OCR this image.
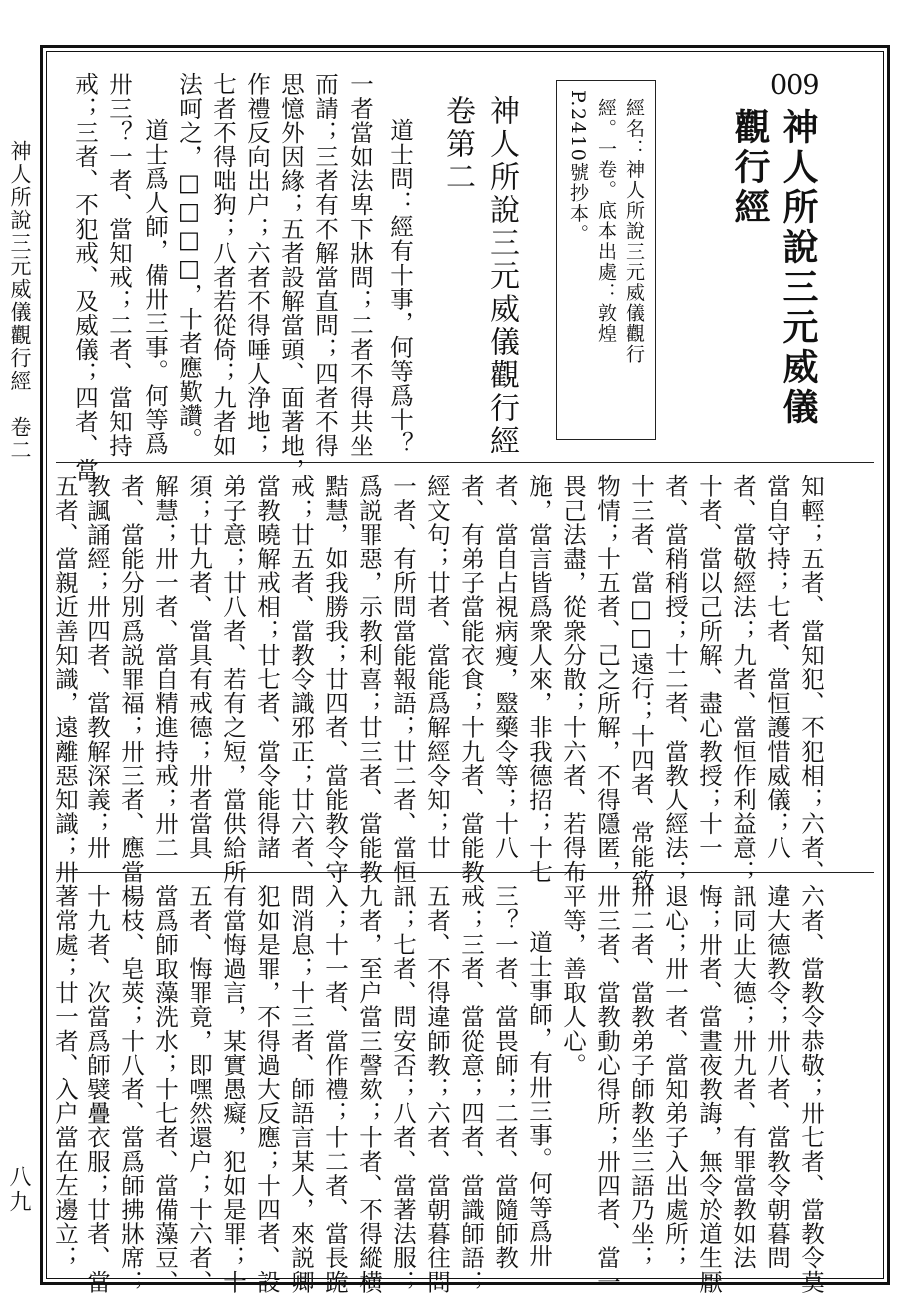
神人所說三元威儀觀行經　卷二
八九
009
神人所說三元威儀
觀行經
經名：神人所說三元威儀觀行
經。一卷。底本出處：敦煌
P.2410號抄本。
神人所說三元威儀觀行經
卷第二
道士問：經有十事，何等爲十？
一者當如法卑下牀問；二者不得共坐
而請；三者有不解當直問；四者不得
思憶外因緣；五者設解當頭、面著地，
作禮反向出户；六者不得唾人浄地；
七者不得咄狗；八者若從倚；九者如
法呵之，□□□□，十者應歎讚。
道士爲人師，備卅三事。何等爲
卅三？一者、當知戒；二者、當知持
戒；三者、不犯戒、及威儀；四者、當
知輕；五者、當知犯、不犯相；六者、
當自守持；七者、當恒護惜威儀；八
者、當敬經法；九者、當恒作利益意；
十者、當以己所解、盡心教授；十一
者、當稍稍授；十二者、當教人經法；
十三者、當□□遠行；十四者、常能致
物情；十五者、己之所解，不得隱匿，
畏己法盡，從衆分散；十六者、若得布
施，當言皆爲衆人來，非我德招；十七
者、當自占視病瘦，毉藥令等；十八
者、有弟子當能衣食；十九者、當能教
經文句；廿者、當能爲解經令知；廿
一者、有所問當能報語；廿二者、當恒
爲説罪惡，示教利喜；廿三者、當能教
黠慧，如我勝我；廿四者、當能教令守
戒；廿五者、當教令識邪正；廿六者、
當教曉解戒相；廿七者、當令能得諸
弟子意；廿八者、若有之短，當供給所
須；廿九者、當具有戒德；卅者當具
解慧；卅一者、當自精進持戒；卅二
者、當能分別爲説罪福；卅三者、應當
教諷誦經；卅四者、當教解深義；卅
五者、當親近善知識，遠離惡知識；卅
六者、當教令恭敬；卅七者、當教令莫
違大德教令；卅八者、當教令朝暮問
訊同止大德；卅九者、有罪當教如法
悔；卅者、當晝夜教誨，無令於道生厭
退心；卅一者、當知弟子入出處所；
卅二者、當教弟子師教坐三語乃坐；
卅三者、當教動心得所；卅四者、當一
平等，善取人心。
道士事師，有卅三事。何等爲卅
三？一者、當畏師；二者、當隨師教
戒；三者、當從意；四者、當識師語；
五者、不得違師教；六者、當朝暮往問
訊；七者、問安否；八者、當著法服；
九者，至户當三謦欬；十者、不得縱横
入；十一者、當作禮；十二者、當長跪
問消息；十三者、師語言某人，來説卿
犯如是罪，不得過大反應；十四者、設
有當悔過言，某實愚癡，犯如是罪；十
五者、悔罪竟，即嘿然還户；十六者、
當爲師取藻洗水；十七者、當備藻豆、
楊枝、皂莢；十八者、當爲師拂牀席；
十九者、次當爲師襞疊衣服；廿者、當
著常處；廿一者、入户當在左邊立；
